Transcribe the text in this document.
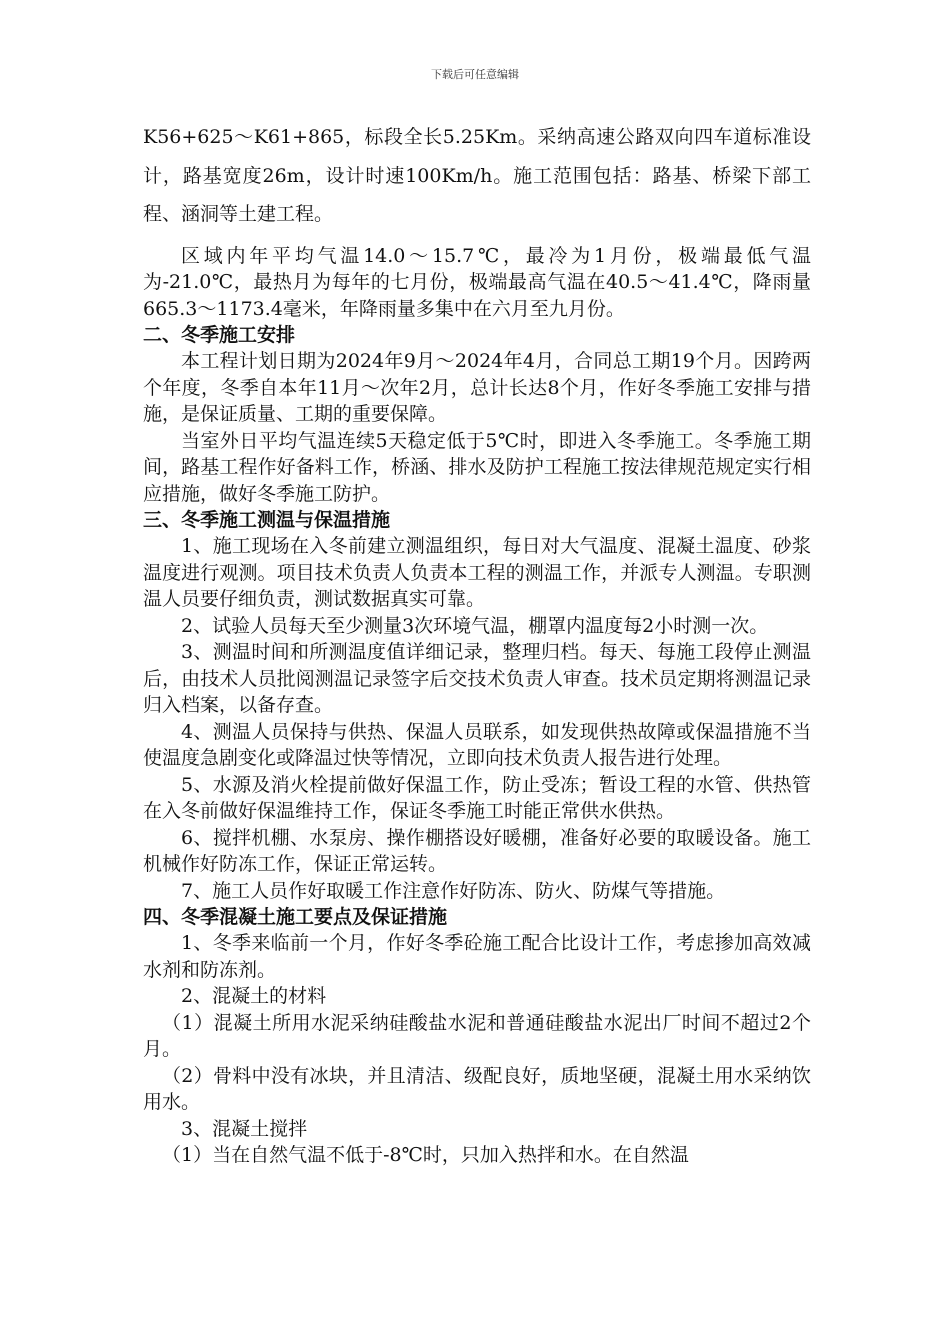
下载后可任意编辑

K56+625～K61+865，标段全长5.25Km。采纳高速公路双向四车道标准设计，路基宽度26m，设计时速100Km/h。施工范围包括：路基、桥梁下部工程、涵洞等土建工程。

区域内年平均气温14.0～15.7℃，最冷为1月份，极端最低气温为-21.0℃，最热月为每年的七月份，极端最高气温在40.5～41.4℃，降雨量665.3～1173.4毫米，年降雨量多集中在六月至九月份。

二、冬季施工安排

本工程计划日期为2024年9月～2024年4月，合同总工期19个月。因跨两个年度，冬季自本年11月～次年2月，总计长达8个月，作好冬季施工安排与措施，是保证质量、工期的重要保障。

当室外日平均气温连续5天稳定低于5℃时，即进入冬季施工。冬季施工期间，路基工程作好备料工作，桥涵、排水及防护工程施工按法律规范规定实行相应措施，做好冬季施工防护。

三、冬季施工测温与保温措施

1、施工现场在入冬前建立测温组织，每日对大气温度、混凝土温度、砂浆温度进行观测。项目技术负责人负责本工程的测温工作，并派专人测温。专职测温人员要仔细负责，测试数据真实可靠。

2、试验人员每天至少测量3次环境气温，棚罩内温度每2小时测一次。

3、测温时间和所测温度值详细记录，整理归档。每天、每施工段停止测温后，由技术人员批阅测温记录签字后交技术负责人审查。技术员定期将测温记录归入档案，以备存查。

4、测温人员保持与供热、保温人员联系，如发现供热故障或保温措施不当使温度急剧变化或降温过快等情况，立即向技术负责人报告进行处理。

5、水源及消火栓提前做好保温工作，防止受冻；暂设工程的水管、供热管在入冬前做好保温维持工作，保证冬季施工时能正常供水供热。

6、搅拌机棚、水泵房、操作棚搭设好暖棚，准备好必要的取暖设备。施工机械作好防冻工作，保证正常运转。

7、施工人员作好取暖工作注意作好防冻、防火、防煤气等措施。

四、冬季混凝土施工要点及保证措施

1、冬季来临前一个月，作好冬季砼施工配合比设计工作，考虑掺加高效减水剂和防冻剂。

2、混凝土的材料

（1）混凝土所用水泥采纳硅酸盐水泥和普通硅酸盐水泥出厂时间不超过2个月。

（2）骨料中没有冰块，并且清洁、级配良好，质地坚硬，混凝土用水采纳饮用水。

3、混凝土搅拌

（1）当在自然气温不低于-8℃时，只加入热拌和水。在自然温
